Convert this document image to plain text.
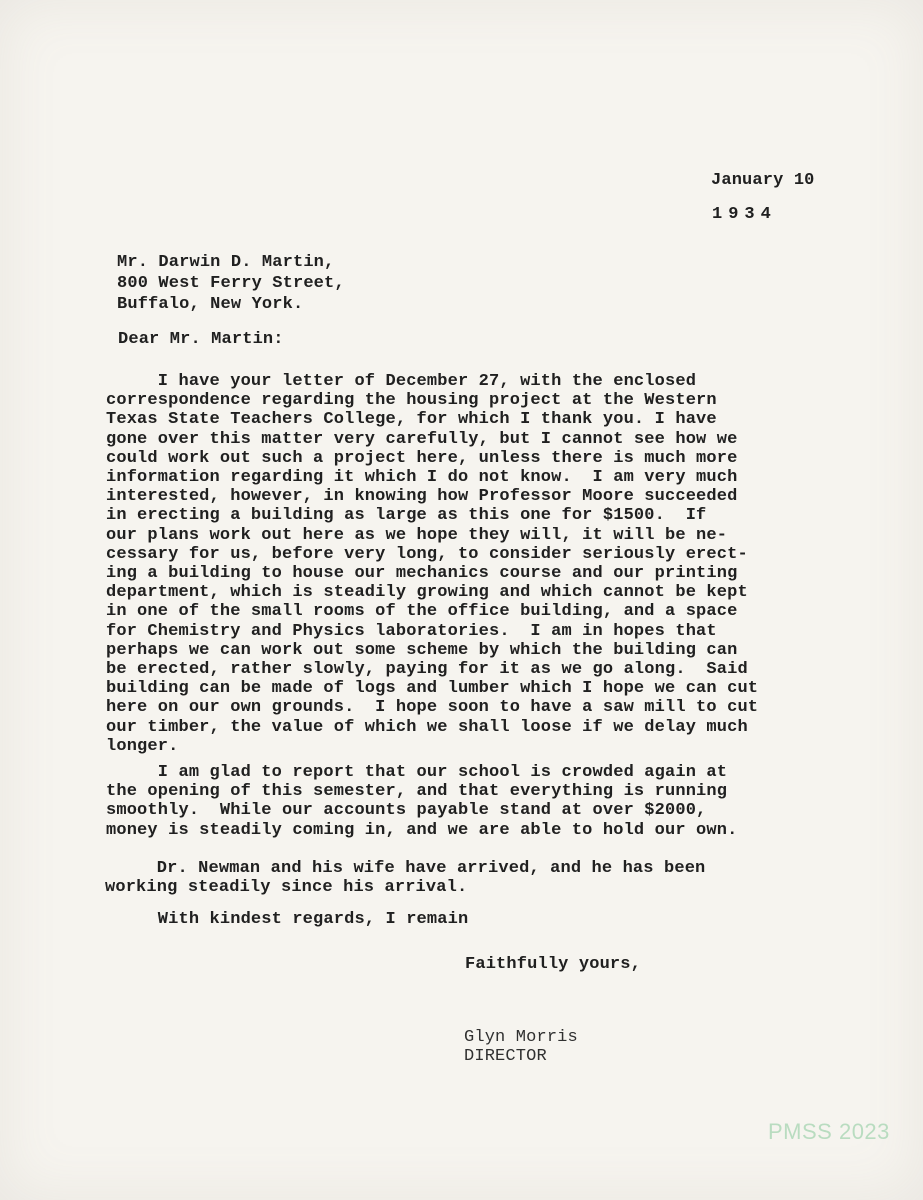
January 10
1934
Mr. Darwin D. Martin,
800 West Ferry Street,
Buffalo, New York.
Dear Mr. Martin:
I have your letter of December 27, with the enclosed
correspondence regarding the housing project at the Western
Texas State Teachers College, for which I thank you. I have
gone over this matter very carefully, but I cannot see how we
could work out such a project here, unless there is much more
information regarding it which I do not know.  I am very much
interested, however, in knowing how Professor Moore succeeded
in erecting a building as large as this one for $1500.  If
our plans work out here as we hope they will, it will be ne-
cessary for us, before very long, to consider seriously erect-
ing a building to house our mechanics course and our printing
department, which is steadily growing and which cannot be kept
in one of the small rooms of the office building, and a space
for Chemistry and Physics laboratories.  I am in hopes that
perhaps we can work out some scheme by which the building can
be erected, rather slowly, paying for it as we go along.  Said
building can be made of logs and lumber which I hope we can cut
here on our own grounds.  I hope soon to have a saw mill to cut
our timber, the value of which we shall loose if we delay much
longer.
I am glad to report that our school is crowded again at
the opening of this semester, and that everything is running
smoothly.  While our accounts payable stand at over $2000,
money is steadily coming in, and we are able to hold our own.
Dr. Newman and his wife have arrived, and he has been
working steadily since his arrival.
With kindest regards, I remain
Faithfully yours,
Glyn Morris
DIRECTOR
PMSS 2023
